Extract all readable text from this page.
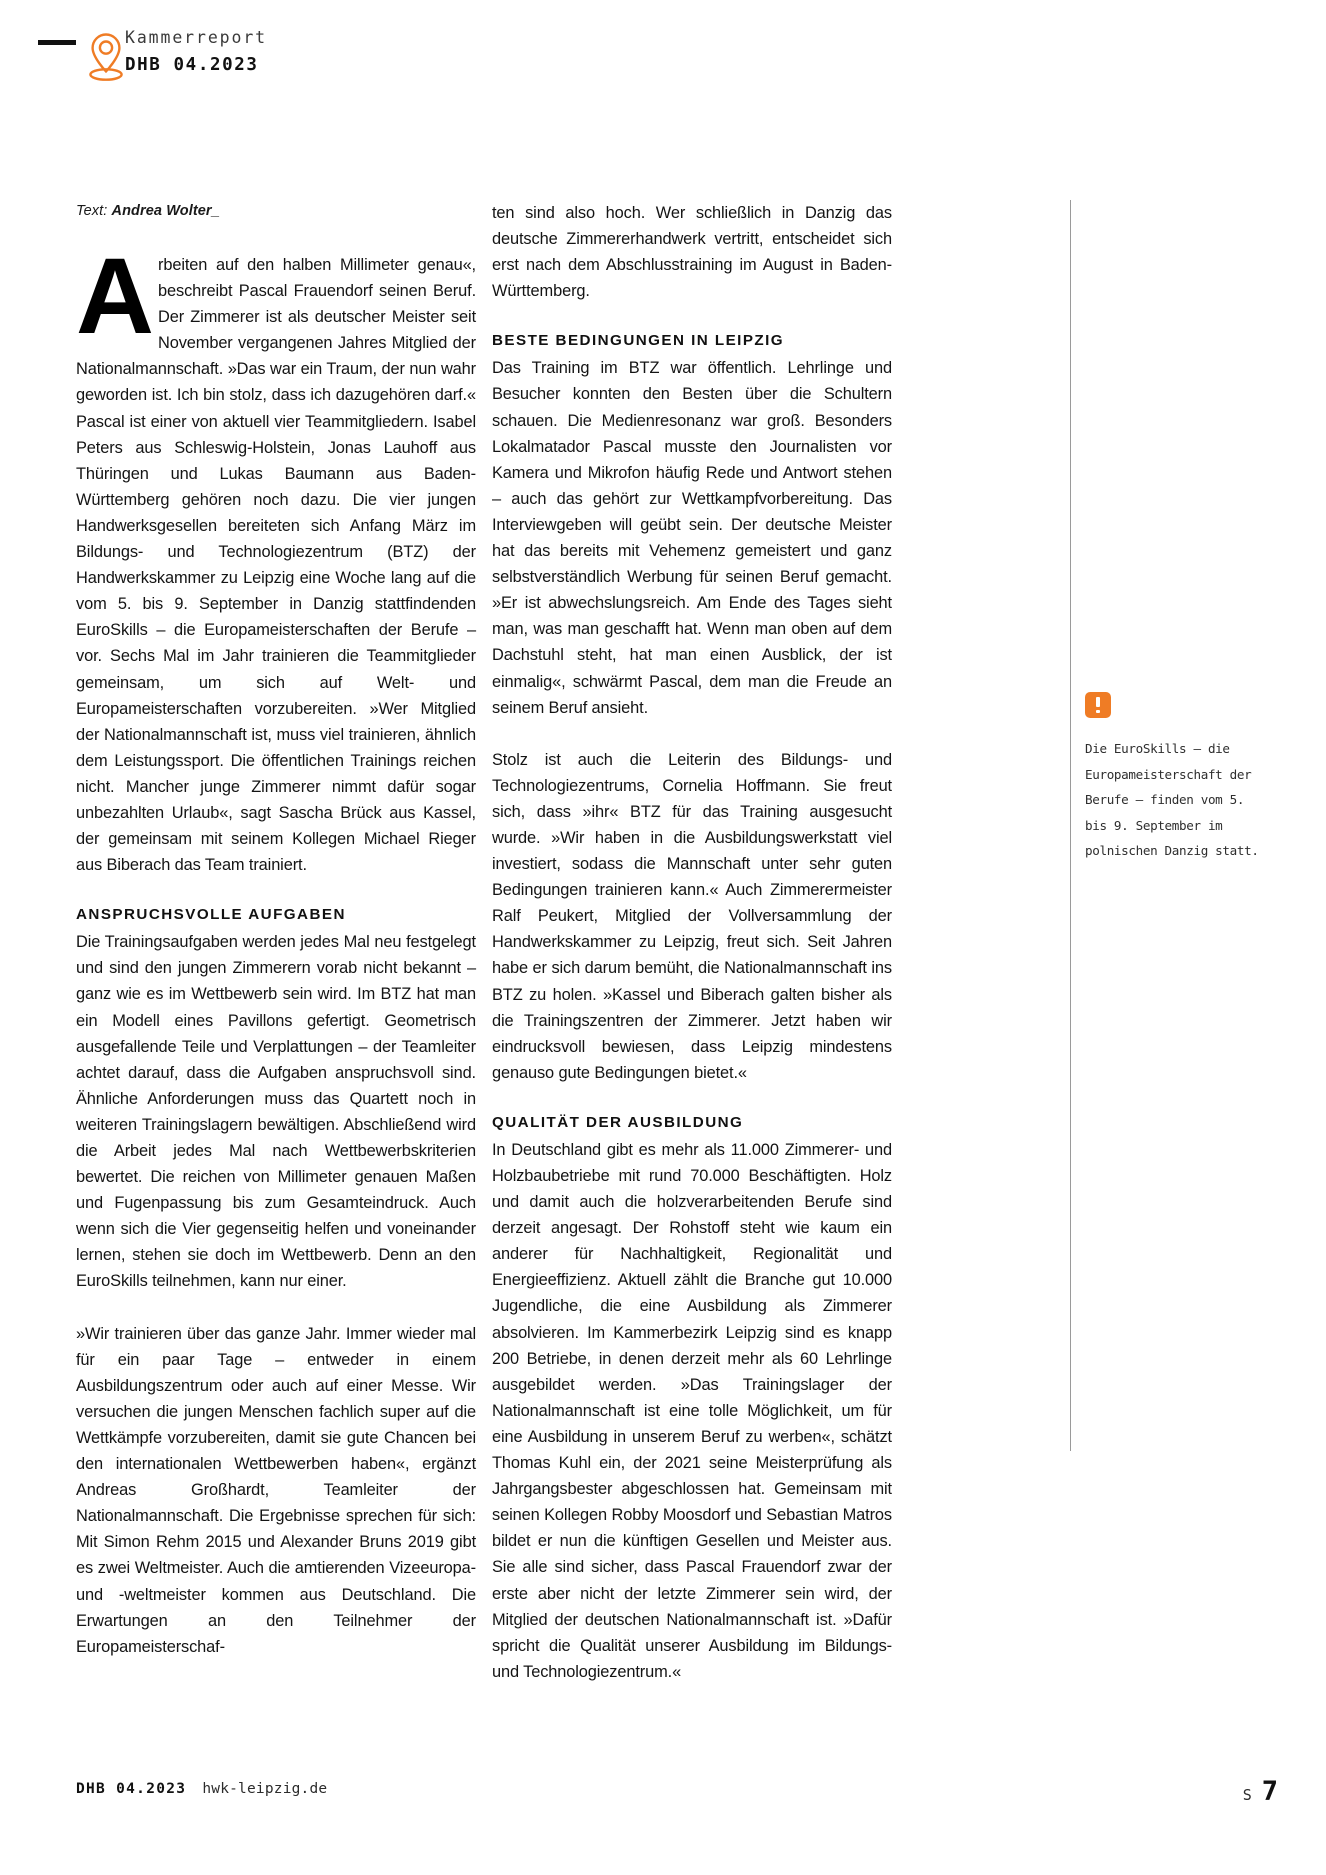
Kammerreport
DHB 04.2023
Text: Andrea Wolter_

Arbeiten auf den halben Millimeter genau«, beschreibt Pascal Frauendorf seinen Beruf. Der Zimmerer ist als deutscher Meister seit November vergangenen Jahres Mitglied der Nationalmannschaft. »Das war ein Traum, der nun wahr geworden ist. Ich bin stolz, dass ich dazugehören darf.« Pascal ist einer von aktuell vier Teammitgliedern. Isabel Peters aus Schleswig-Holstein, Jonas Lauhoff aus Thüringen und Lukas Baumann aus Baden-Württemberg gehören noch dazu. Die vier jungen Handwerksgesellen bereiteten sich Anfang März im Bildungs- und Technologiezentrum (BTZ) der Handwerkskammer zu Leipzig eine Woche lang auf die vom 5. bis 9. September in Danzig stattfindenden EuroSkills – die Europameisterschaften der Berufe – vor. Sechs Mal im Jahr trainieren die Teammitglieder gemeinsam, um sich auf Welt- und Europameisterschaften vorzubereiten. »Wer Mitglied der Nationalmannschaft ist, muss viel trainieren, ähnlich dem Leistungssport. Die öffentlichen Trainings reichen nicht. Mancher junge Zimmerer nimmt dafür sogar unbezahlten Urlaub«, sagt Sascha Brück aus Kassel, der gemeinsam mit seinem Kollegen Michael Rieger aus Biberach das Team trainiert.

ANSPRUCHSVOLLE AUFGABEN

Die Trainingsaufgaben werden jedes Mal neu festgelegt und sind den jungen Zimmerern vorab nicht bekannt – ganz wie es im Wettbewerb sein wird. Im BTZ hat man ein Modell eines Pavillons gefertigt. Geometrisch ausgefallende Teile und Verplattungen – der Teamleiter achtet darauf, dass die Aufgaben anspruchsvoll sind. Ähnliche Anforderungen muss das Quartett noch in weiteren Trainingslagern bewältigen. Abschließend wird die Arbeit jedes Mal nach Wettbewerbskriterien bewertet. Die reichen von Millimeter genauen Maßen und Fugenpassung bis zum Gesamteindruck. Auch wenn sich die Vier gegenseitig helfen und voneinander lernen, stehen sie doch im Wettbewerb. Denn an den EuroSkills teilnehmen, kann nur einer.

»Wir trainieren über das ganze Jahr. Immer wieder mal für ein paar Tage – entweder in einem Ausbildungszentrum oder auch auf einer Messe. Wir versuchen die jungen Menschen fachlich super auf die Wettkämpfe vorzubereiten, damit sie gute Chancen bei den internationalen Wettbewerben haben«, ergänzt Andreas Großhardt, Teamleiter der Nationalmannschaft. Die Ergebnisse sprechen für sich: Mit Simon Rehm 2015 und Alexander Bruns 2019 gibt es zwei Weltmeister. Auch die amtierenden Vizeeuropa- und -weltmeister kommen aus Deutschland. Die Erwartungen an den Teilnehmer der Europameisterschaf-

ten sind also hoch. Wer schließlich in Danzig das deutsche Zimmererhandwerk vertritt, entscheidet sich erst nach dem Abschlusstraining im August in Baden-Württemberg.

BESTE BEDINGUNGEN IN LEIPZIG

Das Training im BTZ war öffentlich. Lehrlinge und Besucher konnten den Besten über die Schultern schauen. Die Medienresonanz war groß. Besonders Lokalmatador Pascal musste den Journalisten vor Kamera und Mikrofon häufig Rede und Antwort stehen – auch das gehört zur Wettkampfvorbereitung. Das Interviewgeben will geübt sein. Der deutsche Meister hat das bereits mit Vehemenz gemeistert und ganz selbstverständlich Werbung für seinen Beruf gemacht. »Er ist abwechslungsreich. Am Ende des Tages sieht man, was man geschafft hat. Wenn man oben auf dem Dachstuhl steht, hat man einen Ausblick, der ist einmalig«, schwärmt Pascal, dem man die Freude an seinem Beruf ansieht.

Stolz ist auch die Leiterin des Bildungs- und Technologiezentrums, Cornelia Hoffmann. Sie freut sich, dass »ihr« BTZ für das Training ausgesucht wurde. »Wir haben in die Ausbildungswerkstatt viel investiert, sodass die Mannschaft unter sehr guten Bedingungen trainieren kann.« Auch Zimmerermeister Ralf Peukert, Mitglied der Vollversammlung der Handwerkskammer zu Leipzig, freut sich. Seit Jahren habe er sich darum bemüht, die Nationalmannschaft ins BTZ zu holen. »Kassel und Biberach galten bisher als die Trainingszentren der Zimmerer. Jetzt haben wir eindrucksvoll bewiesen, dass Leipzig mindestens genauso gute Bedingungen bietet.«

QUALITÄT DER AUSBILDUNG

In Deutschland gibt es mehr als 11.000 Zimmerer- und Holzbaubetriebe mit rund 70.000 Beschäftigten. Holz und damit auch die holzverarbeitenden Berufe sind derzeit angesagt. Der Rohstoff steht wie kaum ein anderer für Nachhaltigkeit, Regionalität und Energieeffizienz. Aktuell zählt die Branche gut 10.000 Jugendliche, die eine Ausbildung als Zimmerer absolvieren. Im Kammerbezirk Leipzig sind es knapp 200 Betriebe, in denen derzeit mehr als 60 Lehrlinge ausgebildet werden. »Das Trainingslager der Nationalmannschaft ist eine tolle Möglichkeit, um für eine Ausbildung in unserem Beruf zu werben«, schätzt Thomas Kuhl ein, der 2021 seine Meisterprüfung als Jahrgangsbester abgeschlossen hat. Gemeinsam mit seinen Kollegen Robby Moosdorf und Sebastian Matros bildet er nun die künftigen Gesellen und Meister aus. Sie alle sind sicher, dass Pascal Frauendorf zwar der erste aber nicht der letzte Zimmerer sein wird, der Mitglied der deutschen Nationalmannschaft ist. »Dafür spricht die Qualität unserer Ausbildung im Bildungs- und Technologiezentrum.«

Die EuroSkills – die Europameisterschaft der Berufe – finden vom 5. bis 9. September im polnischen Danzig statt.
DHB 04.2023 hwk-leipzig.de	S 7
